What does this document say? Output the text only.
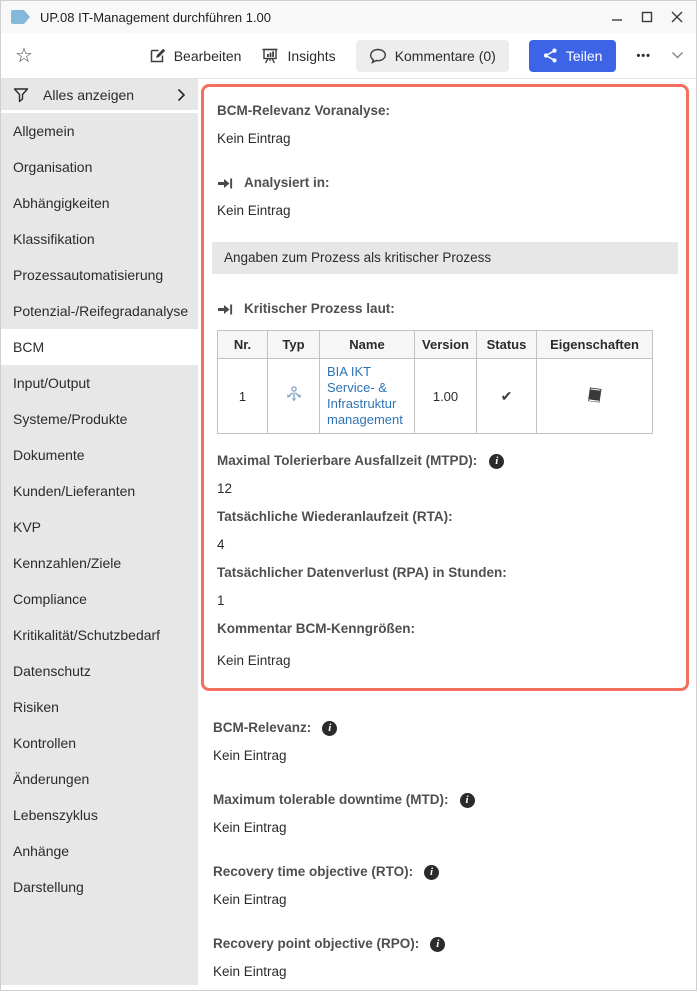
UP.08 IT-Management durchführen 1.00
☆	Bearbeiten	Insights	Kommentare (0)	Teilen	•••
Alles anzeigen
Allgemein
Organisation
Abhängigkeiten
Klassifikation
Prozessautomatisierung
Potenzial-/Reifegradanalyse
BCM
Input/Output
Systeme/Produkte
Dokumente
Kunden/Lieferanten
KVP
Kennzahlen/Ziele
Compliance
Kritikalität/Schutzbedarf
Datenschutz
Risiken
Kontrollen
Änderungen
Lebenszyklus
Anhänge
Darstellung
BCM-Relevanz Voranalyse:
Kein Eintrag
Analysiert in:
Kein Eintrag
Angaben zum Prozess als kritischer Prozess
Kritischer Prozess laut:
Nr.	Typ	Name	Version	Status	Eigenschaften
1		BIA IKT Service- & Infrastruktur management	1.00	✔	
Maximal Tolerierbare Ausfallzeit (MTPD):	i
12
Tatsächliche Wiederanlaufzeit (RTA):
4
Tatsächlicher Datenverlust (RPA) in Stunden:
1
Kommentar BCM-Kenngrößen:
Kein Eintrag
BCM-Relevanz:	i
Kein Eintrag
Maximum tolerable downtime (MTD):	i
Kein Eintrag
Recovery time objective (RTO):	i
Kein Eintrag
Recovery point objective (RPO):	i
Kein Eintrag
